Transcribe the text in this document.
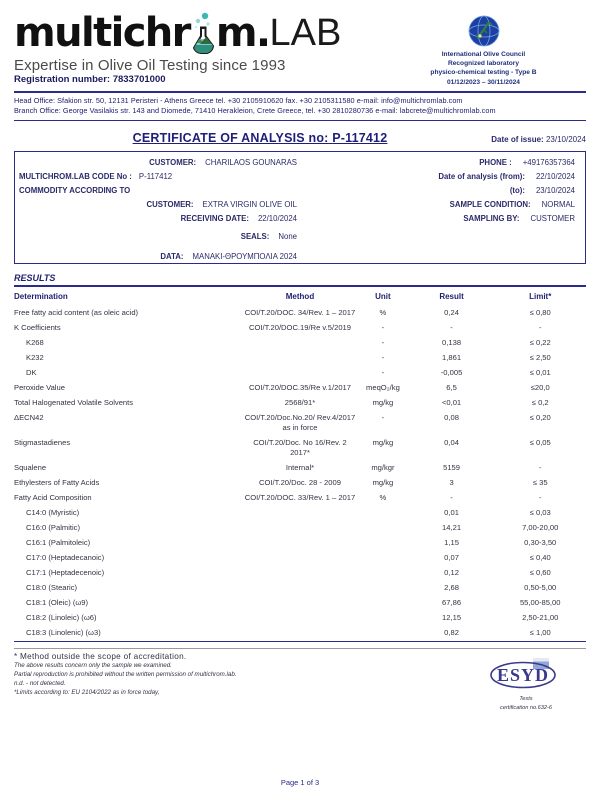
multichr m. LAB
Expertise in Olive Oil Testing since 1993
Registration number: 7833701000
International Olive Council
Recognized laboratory
physico-chemical testing - Type B
01/12/2023 – 30/11/2024
Head Office: Sfakion str. 50, 12131 Peristeri - Athens Greece tel. +30 2105910620 fax. +30 2105311580 e-mail: info@multichromlab.com
Branch Office: George Vasilakis str. 143 and Diomede, 71410 Herakleion, Crete Greece, tel. +30 2810280736 e-mail: labcrete@multichromlab.com
CERTIFICATE OF ANALYSIS no: P-117412	Date of issue: 23/10/2024
CUSTOMER: CHARILAOS GOUNARAS	PHONE : +49176357364
MULTICHROM.LAB CODE No : P-117412	Date of analysis (from): 22/10/2024
COMMODITY ACCORDING TO	(to): 23/10/2024
CUSTOMER: EXTRA VIRGIN OLIVE OIL	SAMPLE CONDITION: NORMAL
RECEIVING DATE: 22/10/2024	SAMPLING BY: CUSTOMER
SEALS: None
DATA: ΜΑΝΑΚΙ-ΘΡΟΥΜΠΟΛΙΑ 2024
RESULTS
Determination	Method	Unit	Result	Limit*
Free fatty acid content (as oleic acid)	COI/T.20/DOC. 34/Rev. 1 – 2017	%	0,24	≤ 0,80
K Coefficients	COI/T.20/DOC.19/Re v.5/2019	-	-	-
K268		-	0,138	≤ 0,22
K232		-	1,861	≤ 2,50
DK		-	-0,005	≤ 0,01
Peroxide Value	COI/T.20/DOC.35/Re v.1/2017	meqO₂/kg	6,5	≤20,0
Total Halogenated Volatile Solvents	2568/91*	mg/kg	<0,01	≤ 0,2
ΔECN42	COI/T.20/Doc.No.20/ Rev.4/2017 as in force	-	0,08	≤ 0,20
Stigmastadienes	COI/T.20/Doc. No 16/Rev. 2 2017*	mg/kg	0,04	≤ 0,05
Squalene	Internal*	mg/kgr	5159	-
Ethylesters of Fatty Acids	COI/T.20/Doc. 28 - 2009	mg/kg	3	≤ 35
Fatty Acid Composition	COI/T.20/DOC. 33/Rev. 1 – 2017	%	-	-
C14:0 (Myristic)			0,01	≤ 0,03
C16:0 (Palmitic)			14,21	7,00-20,00
C16:1 (Palmitoleic)			1,15	0,30-3,50
C17:0 (Heptadecanoic)			0,07	≤ 0,40
C17:1 (Heptadecenoic)			0,12	≤ 0,60
C18:0 (Stearic)			2,68	0,50-5,00
C18:1 (Oleic) (ω9)			67,86	55,00-85,00
C18:2 (Linoleic) (ω6)			12,15	2,50-21,00
C18:3 (Linolenic) (ω3)			0,82	≤ 1,00
* Method outside the scope of accreditation.
The above results concern only the sample we examined.
Partial reproduction is prohibited without the written permission of multichrom.lab.
n.d. - not detected.
*Limits according to: EU 2104/2022 as in force today,
ESYD
Tests
certification no.632-6
Page 1 of 3
